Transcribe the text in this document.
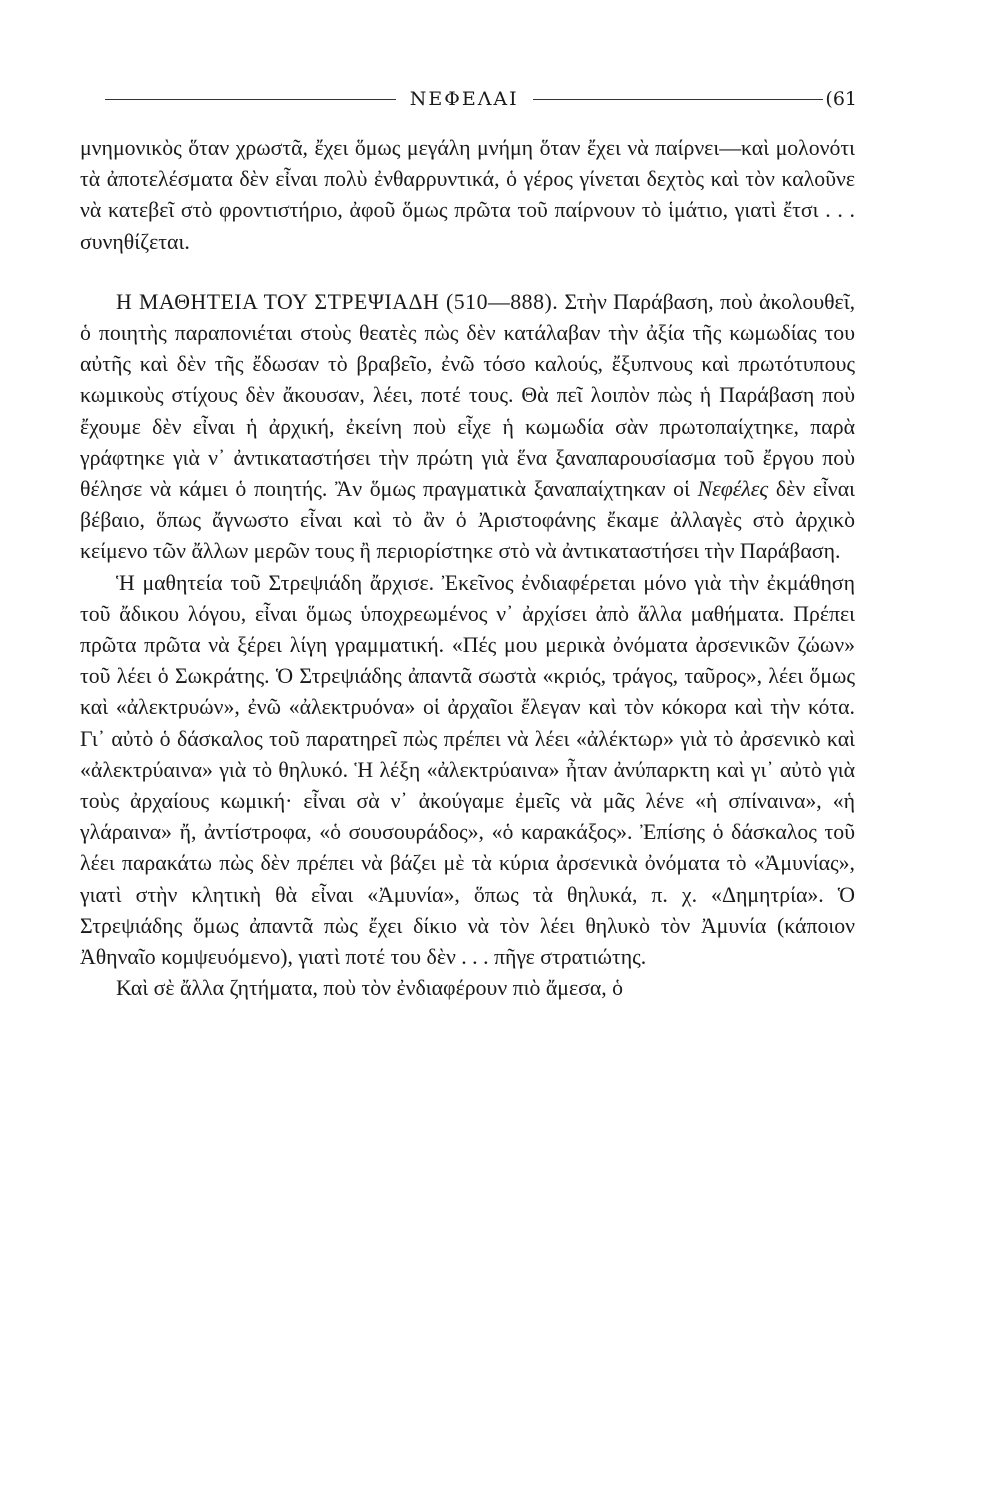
ΝΕΦΕΛΑΙ	(61

μνημονικὸς ὅταν χρωστᾶ, ἔχει ὅμως μεγάλη μνήμη ὅταν ἔχει νὰ παίρνει—καὶ μολονότι τὰ ἀποτελέσματα δὲν εἶναι πολὺ ἐνθαρρυντικά, ὁ γέρος γίνεται δεχτὸς καὶ τὸν καλοῦνε νὰ κατεβεῖ στὸ φροντιστήριο, ἀφοῦ ὅμως πρῶτα τοῦ παίρνουν τὸ ἱμάτιο, γιατὶ ἔτσι . . . συνηθίζεται.

Η ΜΑΘΗΤΕΙΑ ΤΟΥ ΣΤΡΕΨΙΑΔΗ (510—888). Στὴν Παράβαση, ποὺ ἀκολουθεῖ, ὁ ποιητὴς παραπονιέται στοὺς θεατὲς πὼς δὲν κατάλαβαν τὴν ἀξία τῆς κωμωδίας του αὐτῆς καὶ δὲν τῆς ἔδωσαν τὸ βραβεῖο, ἐνῶ τόσο καλούς, ἔξυπνους καὶ πρωτότυπους κωμικοὺς στίχους δὲν ἄκουσαν, λέει, ποτέ τους. Θὰ πεῖ λοιπὸν πὼς ἡ Παράβαση ποὺ ἔχουμε δὲν εἶναι ἡ ἀρχική, ἐκείνη ποὺ εἶχε ἡ κωμωδία σὰν πρωτοπαίχτηκε, παρὰ γράφτηκε γιὰ ν᾿ ἀντικαταστήσει τὴν πρώτη γιὰ ἕνα ξαναπαρουσίασμα τοῦ ἔργου ποὺ θέλησε νὰ κάμει ὁ ποιητής. Ἂν ὅμως πραγματικὰ ξαναπαίχτηκαν οἱ Νεφέλες δὲν εἶναι βέβαιο, ὅπως ἄγνωστο εἶναι καὶ τὸ ἂν ὁ Ἀριστοφάνης ἔκαμε ἀλλαγὲς στὸ ἀρχικὸ κείμενο τῶν ἄλλων μερῶν τους ἢ περιορίστηκε στὸ νὰ ἀντικαταστήσει τὴν Παράβαση.

Ἡ μαθητεία τοῦ Στρεψιάδη ἄρχισε. Ἐκεῖνος ἐνδιαφέρεται μόνο γιὰ τὴν ἐκμάθηση τοῦ ἄδικου λόγου, εἶναι ὅμως ὑποχρεωμένος ν᾿ ἀρχίσει ἀπὸ ἄλλα μαθήματα. Πρέπει πρῶτα πρῶτα νὰ ξέρει λίγη γραμματική. «Πές μου μερικὰ ὀνόματα ἀρσενικῶν ζώων» τοῦ λέει ὁ Σωκράτης. Ὁ Στρεψιάδης ἀπαντᾶ σωστὰ «κριός, τράγος, ταῦρος», λέει ὅμως καὶ «ἀλεκτρυών», ἐνῶ «ἀλεκτρυόνα» οἱ ἀρχαῖοι ἔλεγαν καὶ τὸν κόκορα καὶ τὴν κότα. Γι᾿ αὐτὸ ὁ δάσκαλος τοῦ παρατηρεῖ πὼς πρέπει νὰ λέει «ἀλέκτωρ» γιὰ τὸ ἀρσενικὸ καὶ «ἀλεκτρύαινα» γιὰ τὸ θηλυκό. Ἡ λέξη «ἀλεκτρύαινα» ἦταν ἀνύπαρκτη καὶ γι᾿ αὐτὸ γιὰ τοὺς ἀρχαίους κωμική· εἶναι σὰ ν᾿ ἀκούγαμε ἐμεῖς νὰ μᾶς λένε «ἡ σπίναινα», «ἡ γλάραινα» ἤ, ἀντίστροφα, «ὁ σουσουράδος», «ὁ καρακάξος». Ἐπίσης ὁ δάσκαλος τοῦ λέει παρακάτω πὼς δὲν πρέπει νὰ βάζει μὲ τὰ κύρια ἀρσενικὰ ὀνόματα τὸ «Ἀμυνίας», γιατὶ στὴν κλητικὴ θὰ εἶναι «Ἀμυνία», ὅπως τὰ θηλυκά, π. χ. «Δημητρία». Ὁ Στρεψιάδης ὅμως ἀπαντᾶ πὼς ἔχει δίκιο νὰ τὸν λέει θηλυκὸ τὸν Ἀμυνία (κάποιον Ἀθηναῖο κομψευόμενο), γιατὶ ποτέ του δὲν . . . πῆγε στρατιώτης.

Καὶ σὲ ἄλλα ζητήματα, ποὺ τὸν ἐνδιαφέρουν πιὸ ἄμεσα, ὁ
